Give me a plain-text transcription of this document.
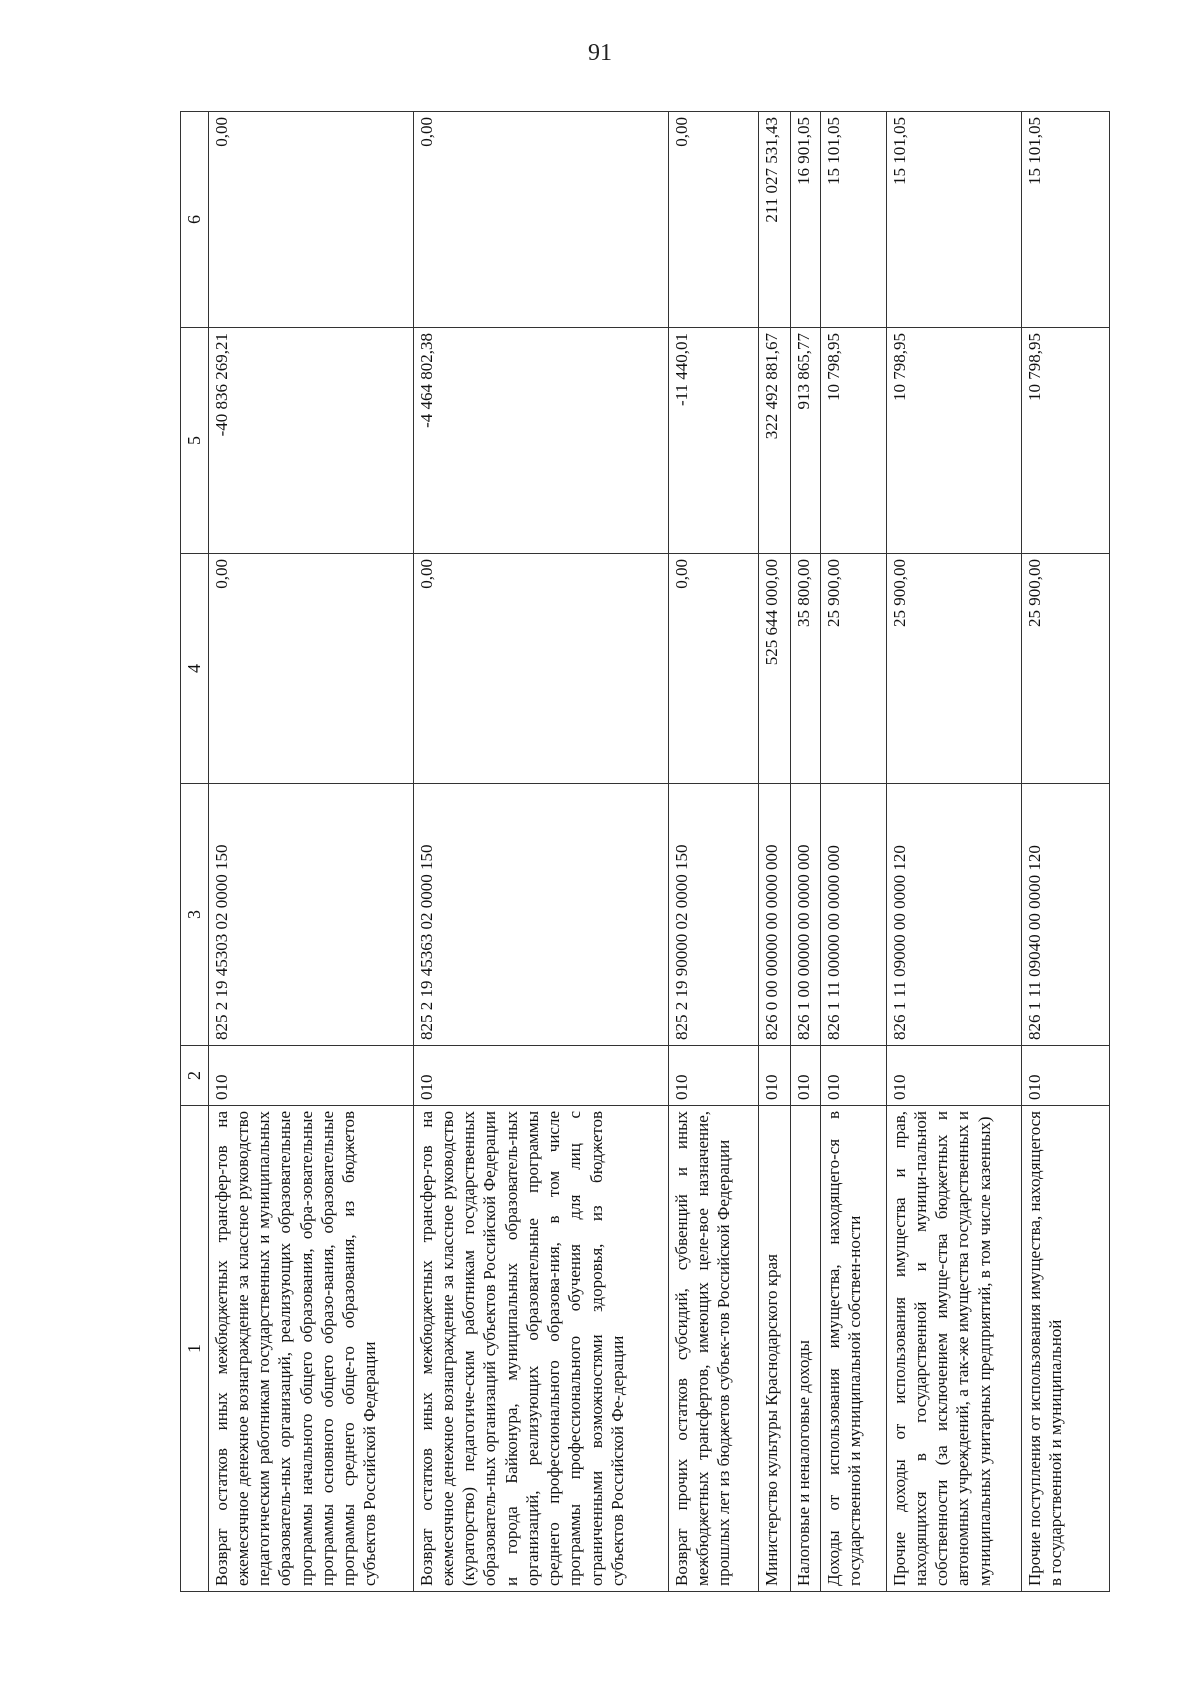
91
1	2	3	4	5	6
Возврат остатков иных межбюджетных трансфер-тов на ежемесячное денежное вознаграждение за классное руководство педагогическим работникам государственных и муниципальных образователь-ных организаций, реализующих образовательные программы начального общего образования, обра-зовательные программы основного общего образо-вания, образовательные программы среднего обще-го образования, из бюджетов субъектов Российской Федерации	010	825 2 19 45303 02 0000 150	0,00	-40 836 269,21	0,00
Возврат остатков иных межбюджетных трансфер-тов на ежемесячное денежное вознаграждение за классное руководство (кураторство) педагогиче-ским работникам государственных образователь-ных организаций субъектов Российской Федерации и города Байконура, муниципальных образователь-ных организаций, реализующих образовательные программы среднего профессионального образова-ния, в том числе программы профессионального обучения для лиц с ограниченными возможностями здоровья, из бюджетов субъектов Российской Фе-дерации	010	825 2 19 45363 02 0000 150	0,00	-4 464 802,38	0,00
Возврат прочих остатков субсидий, субвенций и иных межбюджетных трансфертов, имеющих целе-вое назначение, прошлых лет из бюджетов субъек-тов Российской Федерации	010	825 2 19 90000 02 0000 150	0,00	-11 440,01	0,00
Министерство культуры Краснодарского края	010	826 0 00 00000 00 0000 000	525 644 000,00	322 492 881,67	211 027 531,43
Налоговые и неналоговые доходы	010	826 1 00 00000 00 0000 000	35 800,00	913 865,77	16 901,05
Доходы от использования имущества, находящего-ся в государственной и муниципальной собствен-ности	010	826 1 11 00000 00 0000 000	25 900,00	10 798,95	15 101,05
Прочие доходы от использования имущества и прав, находящихся в государственной и муници-пальной собственности (за исключением имуще-ства бюджетных и автономных учреждений, а так-же имущества государственных и муниципальных унитарных предприятий, в том числе казенных)	010	826 1 11 09000 00 0000 120	25 900,00	10 798,95	15 101,05
Прочие поступления от использования имущества, находящегося в государственной и муниципальной	010	826 1 11 09040 00 0000 120	25 900,00	10 798,95	15 101,05
